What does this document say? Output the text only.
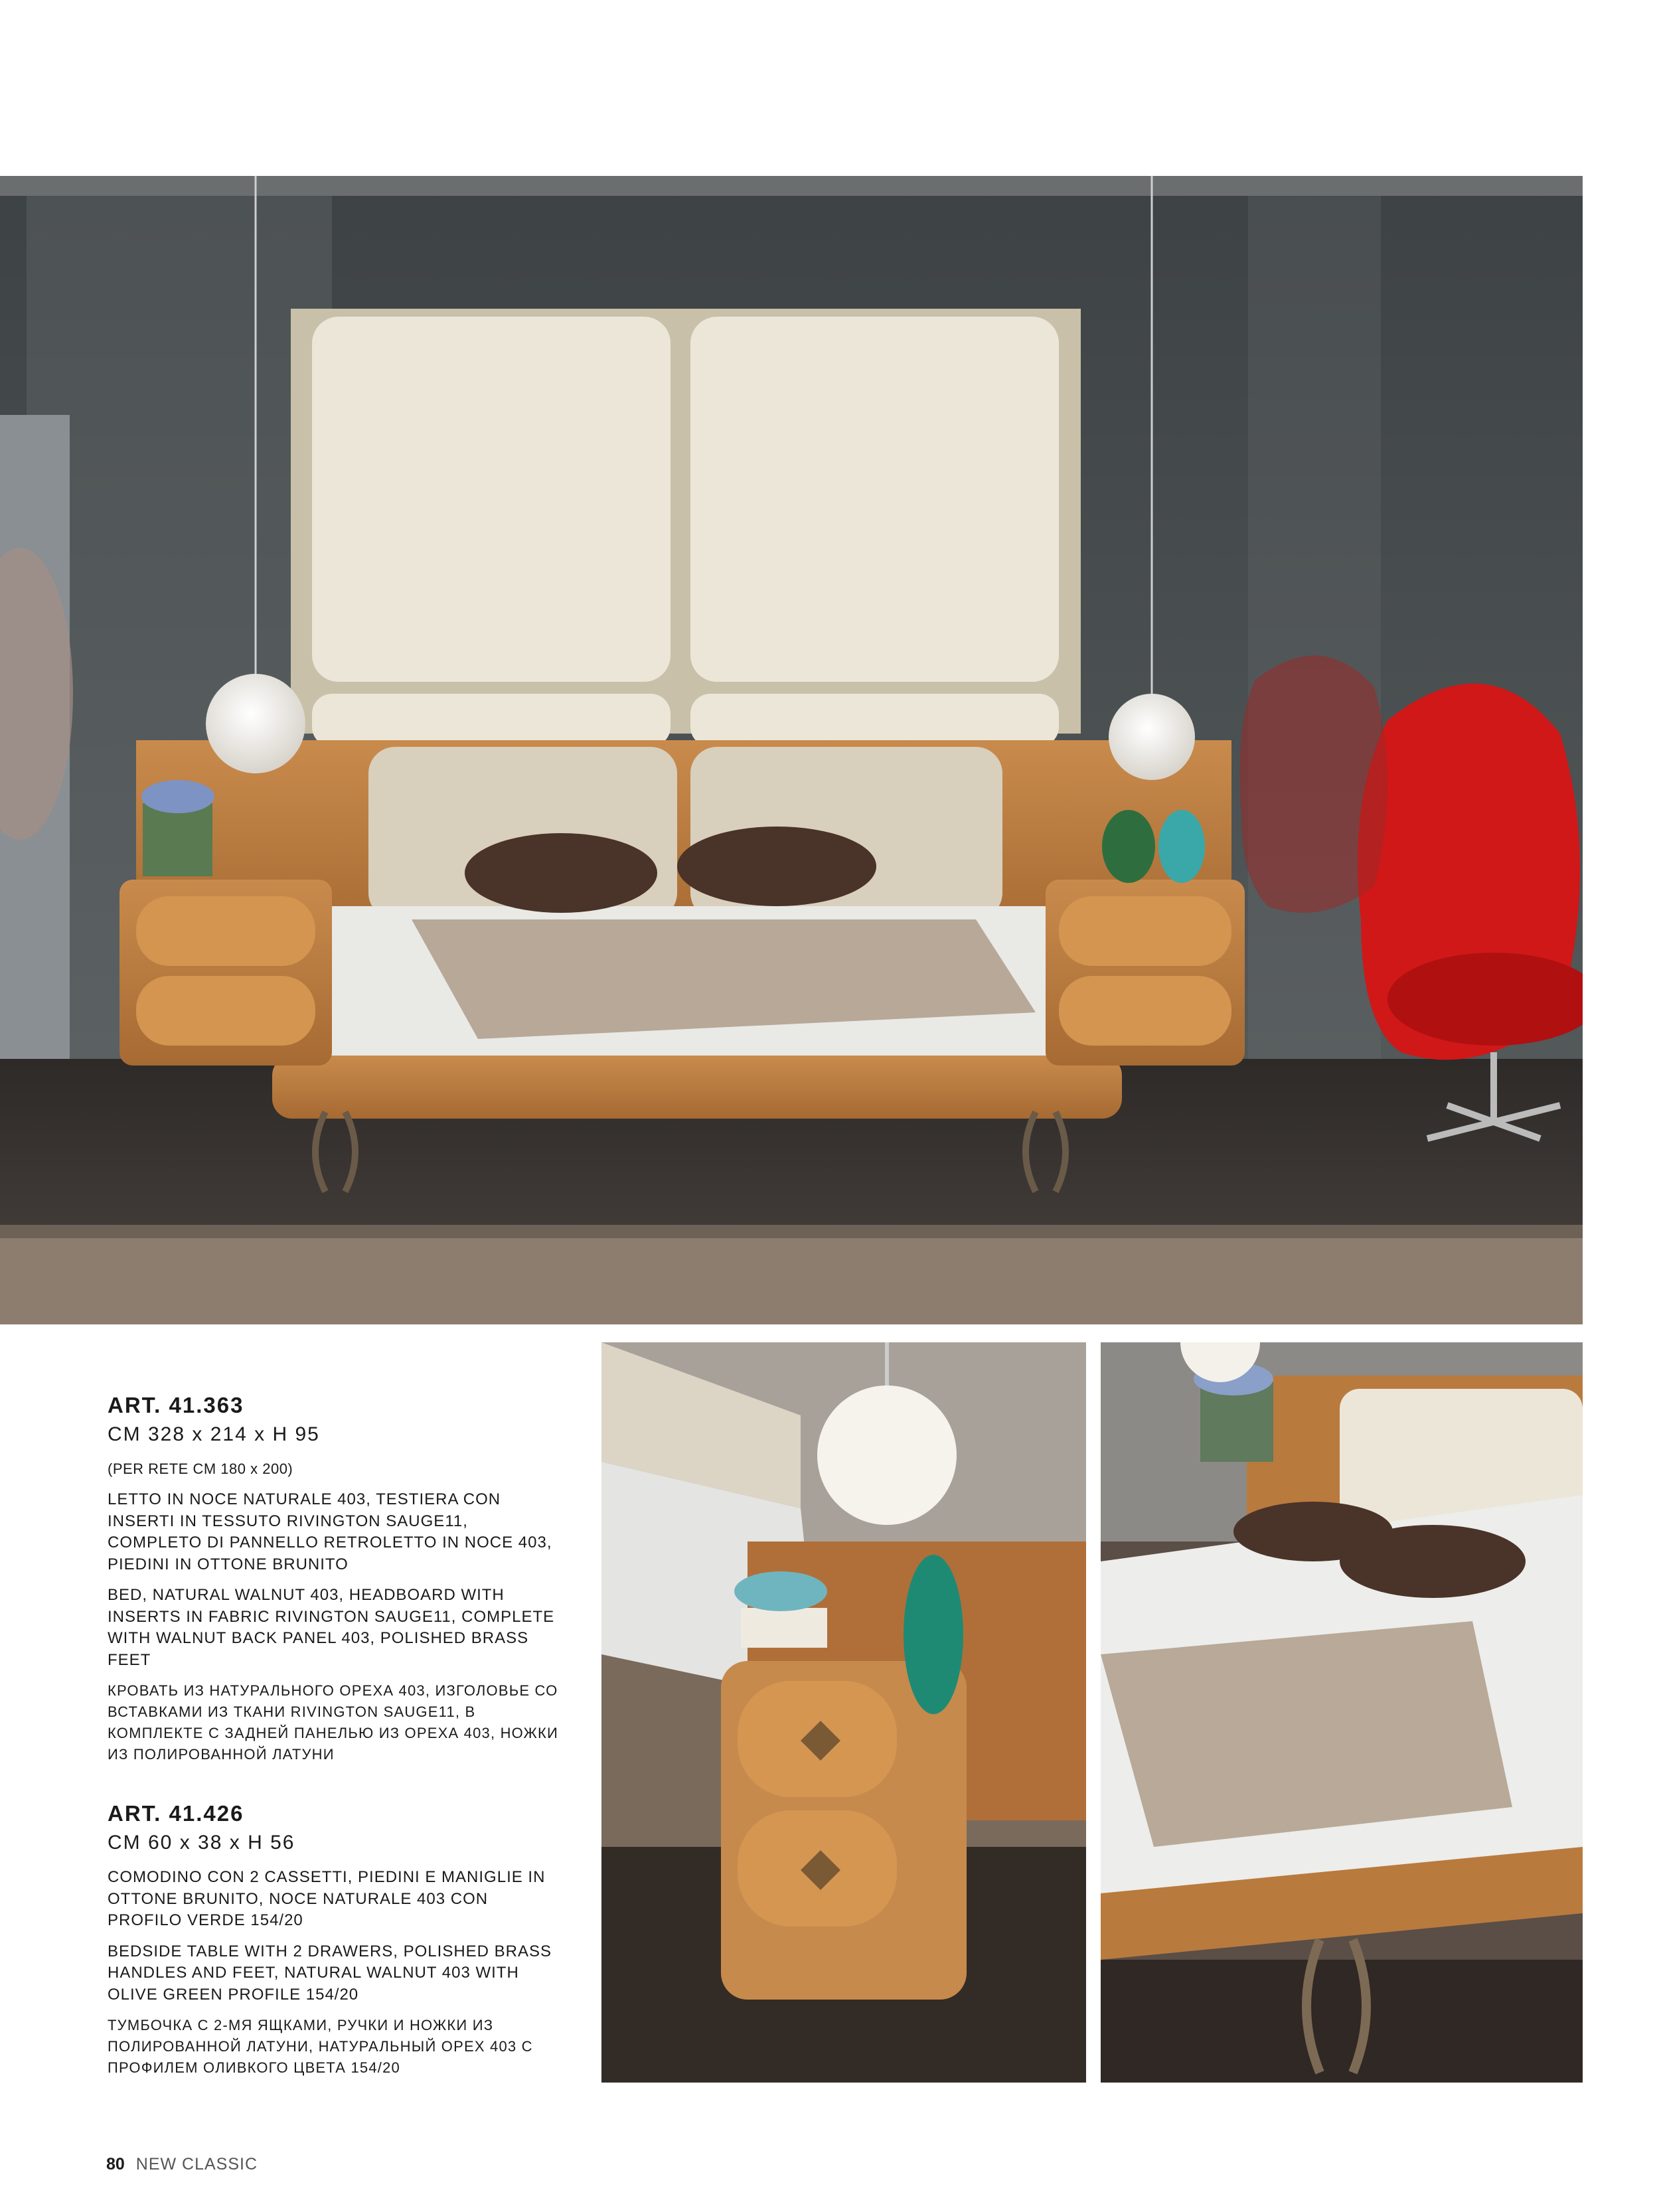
ART. 41.363
CM 328 x 214 x H 95
(PER RETE CM 180 x 200)
LETTO IN NOCE NATURALE 403, TESTIERA CON INSERTI IN TESSUTO RIVINGTON SAUGE11, COMPLETO DI PANNELLO RETROLETTO IN NOCE 403, PIEDINI IN OTTONE BRUNITO
BED, NATURAL WALNUT 403, HEADBOARD WITH INSERTS IN FABRIC RIVINGTON SAUGE11, COMPLETE WITH WALNUT BACK PANEL 403, POLISHED BRASS FEET
КРОВАТЬ ИЗ НАТУРАЛЬНОГО ОРЕХА 403, ИЗГОЛОВЬЕ СО ВСТАВКАМИ ИЗ ТКАНИ RIVINGTON SAUGE11, В КОМПЛЕКТЕ С ЗАДНЕЙ ПАНЕЛЬЮ ИЗ ОРЕХА 403, НОЖКИ ИЗ ПОЛИРОВАННОЙ ЛАТУНИ
ART. 41.426
CM 60 x 38 x H 56
COMODINO CON 2 CASSETTI, PIEDINI E MANIGLIE IN OTTONE BRUNITO, NOCE NATURALE 403 CON PROFILO VERDE 154/20
BEDSIDE TABLE WITH 2 DRAWERS, POLISHED BRASS HANDLES AND FEET, NATURAL WALNUT 403 WITH OLIVE GREEN PROFILE 154/20
ТУМБОЧКА С 2-МЯ ЯЩКАМИ, РУЧКИ И НОЖКИ ИЗ ПОЛИРОВАННОЙ ЛАТУНИ, НАТУРАЛЬНЫЙ ОРЕХ 403 С ПРОФИЛЕМ ОЛИВКОГО ЦВЕТА 154/20
80 NEW CLASSIC
